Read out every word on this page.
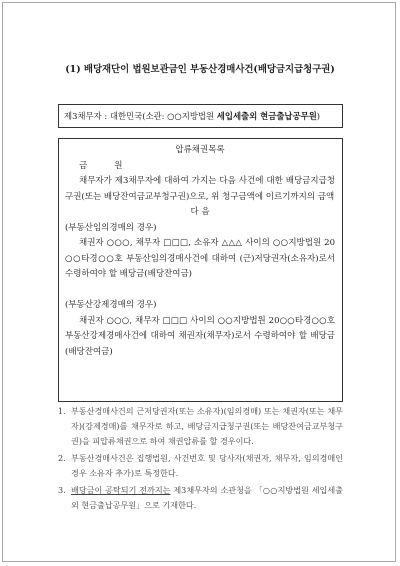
(1) 배당재단이 법원보관금인 부동산경매사건(배당금지급청구권)
제3채무자 : 대한민국(소관: ○○지방법원 세입세출외 현금출납공무원)

압류채권목록

금          원

채무자가 제3채무자에 대하여 가지는 다음 사건에 대한 배당금지급청구권(또는 배당잔여금교부청구권)으로, 위 청구금액에 이르기까지의 금액

다 음

(부동산임의경매의 경우)

채권자 ○○○, 채무자 □□□, 소유자 △△△ 사이의 ○○지방법원 20○○타경○○호 부동산임의경매사건에 대하여 (근)저당권자(소유자)로서 수령하여야 할 배당금(배당잔여금)

(부동산강제경매의 경우)

채권자 ○○○, 채무자 □□□ 사이의 ○○지방법원 20○○타경○○호 부동산강제경매사건에 대하여 채권자(채무자)로서 수령하여야 할 배당금(배당잔여금)

1. 부동산경매사건의 근저당권자(또는 소유자)(임의경매) 또는 채권자(또는 채무자)(강제경매)를 채무자로 하고, 배당금지급청구권(또는 배당잔여금교부청구권)을 피압류채권으로 하여 채권압류를 할 경우이다.
2. 부동산경매사건은 집행법원, 사건번호 및 당사자(채권자, 채무자, 임의경매인 경우 소유자 추가)로 특정한다.
3. 배당금이 공탁되기 전까지는 제3채무자의 소관청을 「○○지방법원 세입세출외 현금출납공무원」으로 기재한다.
